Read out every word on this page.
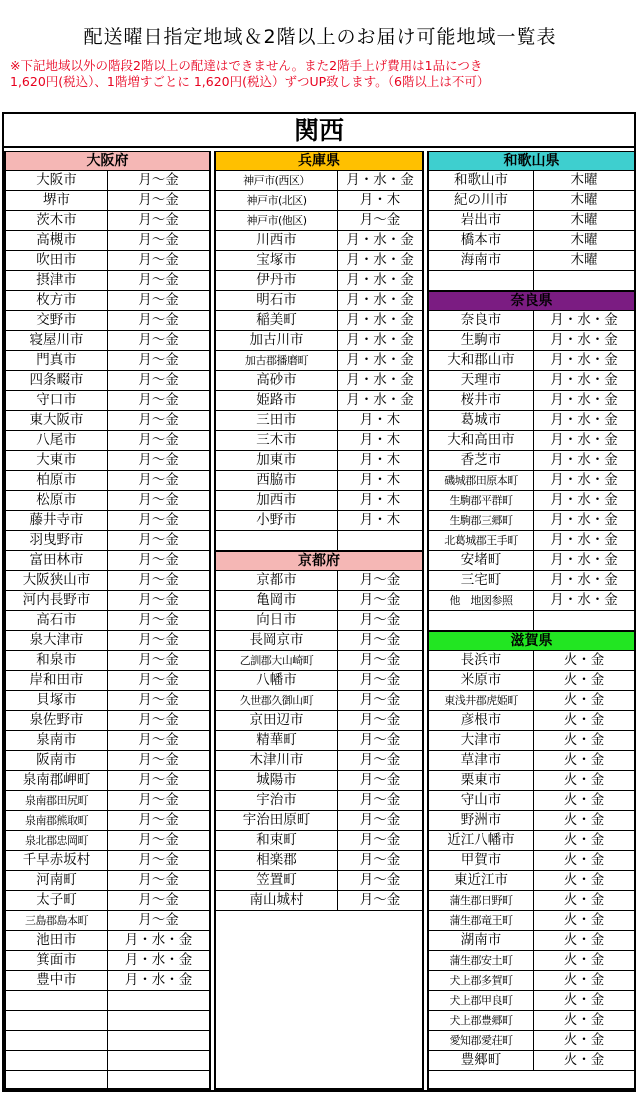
配送曜日指定地域＆2階以上のお届け可能地域一覧表
※下記地域以外の階段2階以上の配達はできません。また2階手上げ費用は1品につき
1,620円(税込）、1階増すごとに 1,620円(税込）ずつUP致します。（6階以上は不可）
関西
大阪府
大阪市	月～金
堺市	月～金
茨木市	月～金
高槻市	月～金
吹田市	月～金
摂津市	月～金
枚方市	月～金
交野市	月～金
寝屋川市	月～金
門真市	月～金
四条畷市	月～金
守口市	月～金
東大阪市	月～金
八尾市	月～金
大東市	月～金
柏原市	月～金
松原市	月～金
藤井寺市	月～金
羽曳野市	月～金
富田林市	月～金
大阪狭山市	月～金
河内長野市	月～金
高石市	月～金
泉大津市	月～金
和泉市	月～金
岸和田市	月～金
貝塚市	月～金
泉佐野市	月～金
泉南市	月～金
阪南市	月～金
泉南郡岬町	月～金
泉南郡田尻町	月～金
泉南郡熊取町	月～金
泉北郡忠岡町	月～金
千早赤坂村	月～金
河南町	月～金
太子町	月～金
三島郡島本町	月～金
池田市	月・水・金
箕面市	月・水・金
豊中市	月・水・金
兵庫県
神戸市(西区）	月・水・金
神戸市(北区)	月・木
神戸市(他区)	月～金
川西市	月・水・金
宝塚市	月・水・金
伊丹市	月・水・金
明石市	月・水・金
稲美町	月・水・金
加古川市	月・水・金
加古郡播磨町	月・水・金
高砂市	月・水・金
姫路市	月・水・金
三田市	月・木
三木市	月・木
加東市	月・木
西脇市	月・木
加西市	月・木
小野市	月・木
京都府
京都市	月～金
亀岡市	月～金
向日市	月～金
長岡京市	月～金
乙訓郡大山崎町	月～金
八幡市	月～金
久世郡久御山町	月～金
京田辺市	月～金
精華町	月～金
木津川市	月～金
城陽市	月～金
宇治市	月～金
宇治田原町	月～金
和束町	月～金
相楽郡	月～金
笠置町	月～金
南山城村	月～金
和歌山県
和歌山市	木曜
紀の川市	木曜
岩出市	木曜
橋本市	木曜
海南市	木曜
奈良県
奈良市	月・水・金
生駒市	月・水・金
大和郡山市	月・水・金
天理市	月・水・金
桜井市	月・水・金
葛城市	月・水・金
大和高田市	月・水・金
香芝市	月・水・金
磯城郡田原本町	月・水・金
生駒郡平群町	月・水・金
生駒郡三郷町	月・水・金
北葛城郡王手町	月・水・金
安堵町	月・水・金
三宅町	月・水・金
他　地図参照	月・水・金
滋賀県
長浜市	火・金
米原市	火・金
東浅井郡虎姫町	火・金
彦根市	火・金
大津市	火・金
草津市	火・金
栗東市	火・金
守山市	火・金
野洲市	火・金
近江八幡市	火・金
甲賀市	火・金
東近江市	火・金
蒲生郡日野町	火・金
蒲生郡竜王町	火・金
湖南市	火・金
蒲生郡安土町	火・金
犬上郡多賀町	火・金
犬上郡甲良町	火・金
犬上郡豊郷町	火・金
愛知郡愛荘町	火・金
豊郷町	火・金
